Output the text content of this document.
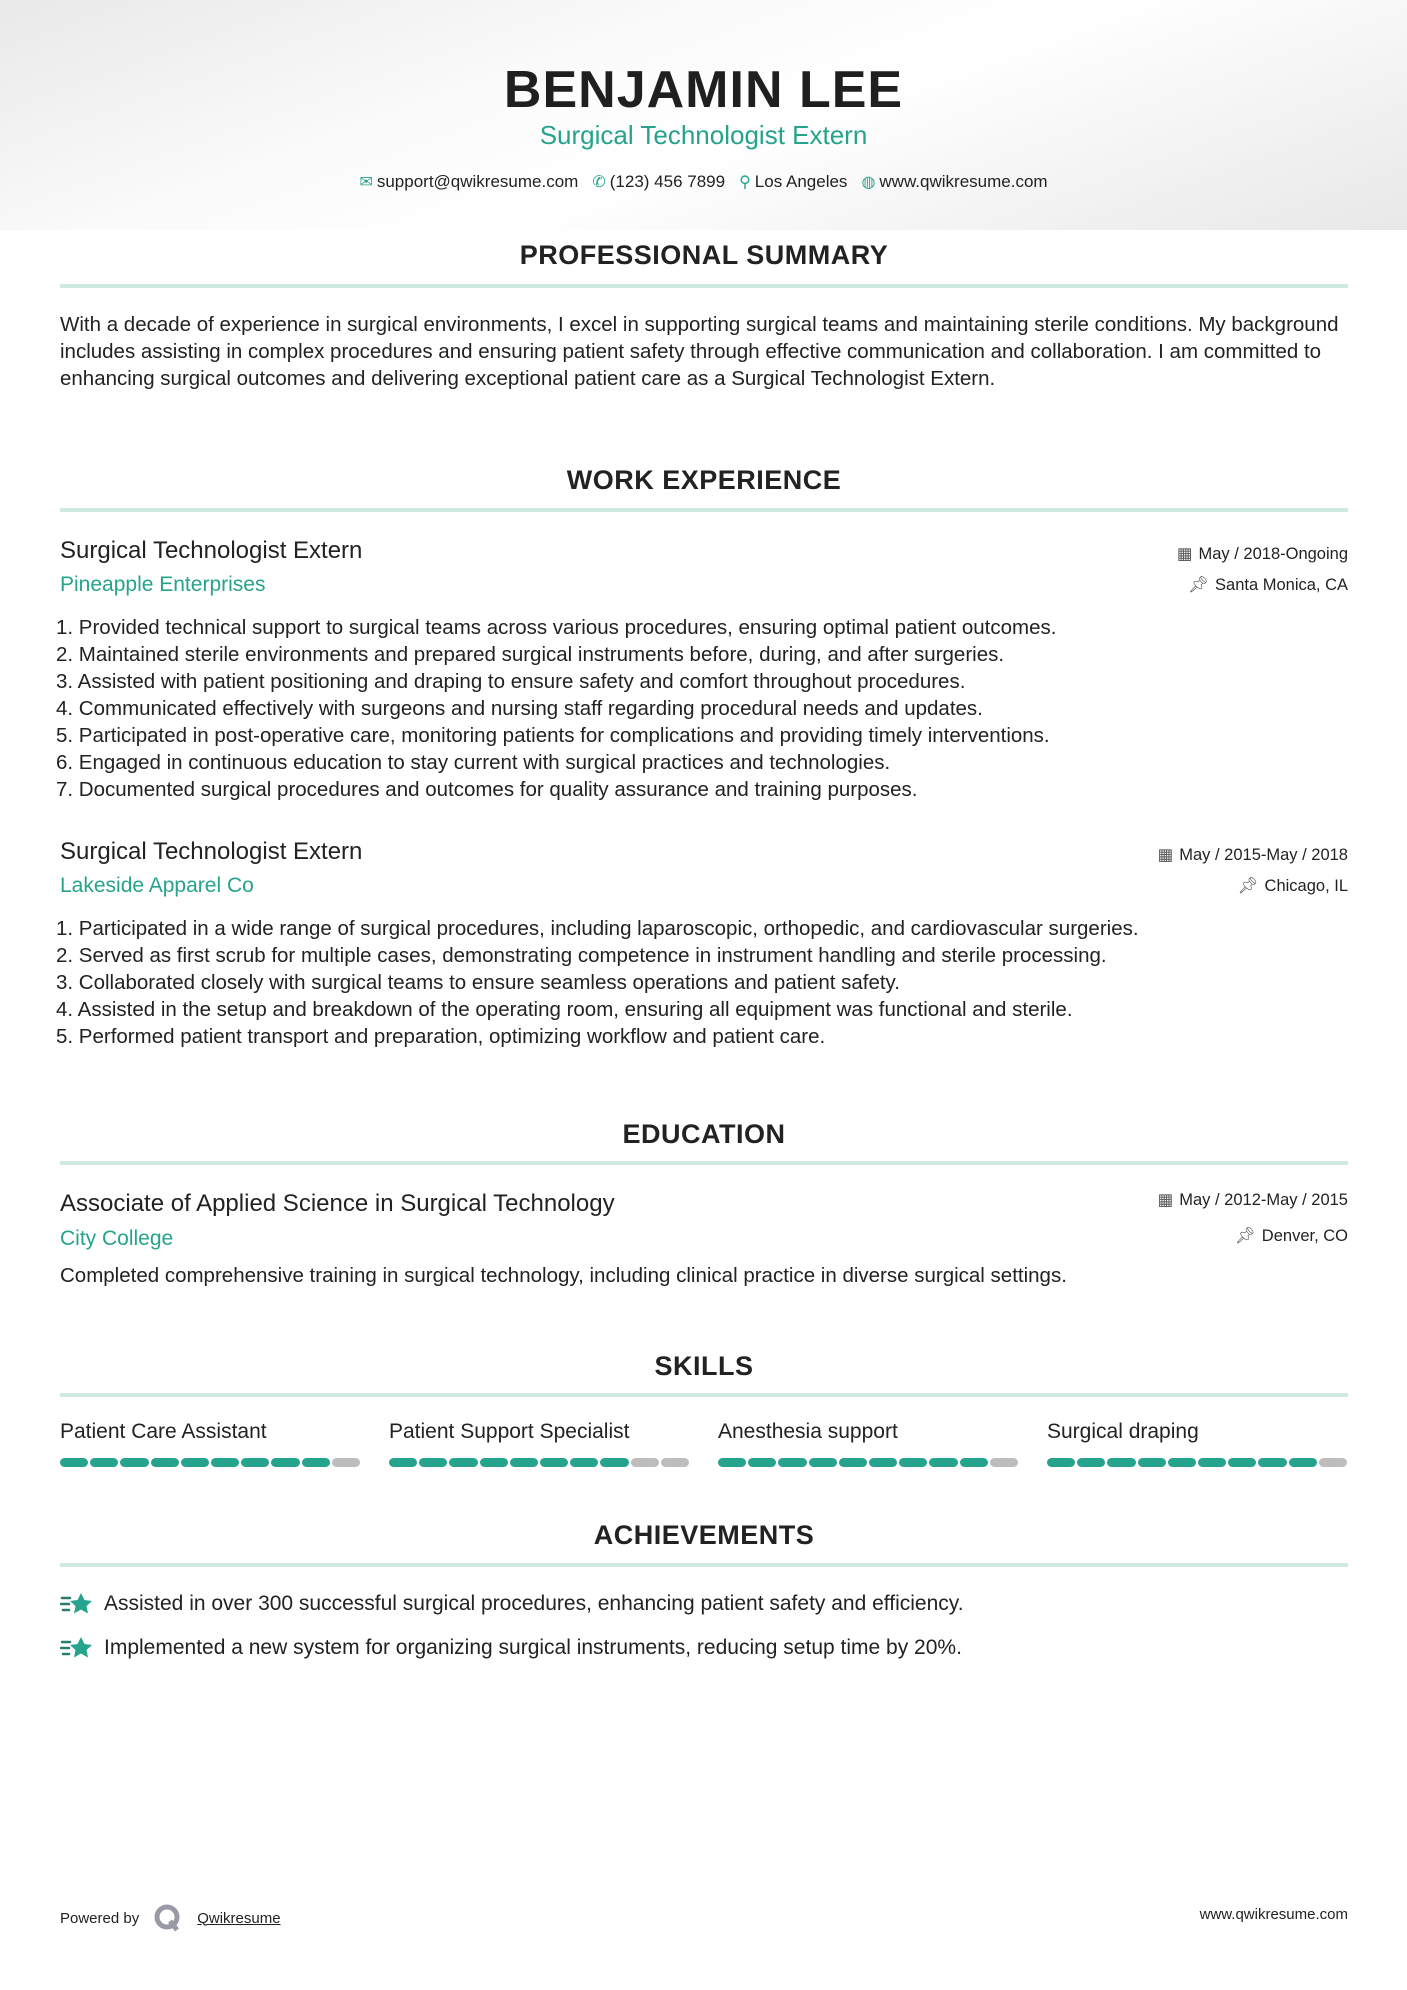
BENJAMIN LEE
Surgical Technologist Extern
✉ support@qwikresume.com ✆ (123) 456 7899 ⚲ Los Angeles ◍ www.qwikresume.com
PROFESSIONAL SUMMARY
With a decade of experience in surgical environments, I excel in supporting surgical teams and maintaining sterile conditions. My background includes assisting in complex procedures and ensuring patient safety through effective communication and collaboration. I am committed to enhancing surgical outcomes and delivering exceptional patient care as a Surgical Technologist Extern.
WORK EXPERIENCE
Surgical Technologist Extern
Pineapple Enterprises
▦ May / 2018-Ongoing
📌︎ Santa Monica, CA
1. Provided technical support to surgical teams across various procedures, ensuring optimal patient outcomes.
2. Maintained sterile environments and prepared surgical instruments before, during, and after surgeries.
3. Assisted with patient positioning and draping to ensure safety and comfort throughout procedures.
4. Communicated effectively with surgeons and nursing staff regarding procedural needs and updates.
5. Participated in post-operative care, monitoring patients for complications and providing timely interventions.
6. Engaged in continuous education to stay current with surgical practices and technologies.
7. Documented surgical procedures and outcomes for quality assurance and training purposes.
Surgical Technologist Extern
Lakeside Apparel Co
▦ May / 2015-May / 2018
📌︎ Chicago, IL
1. Participated in a wide range of surgical procedures, including laparoscopic, orthopedic, and cardiovascular surgeries.
2. Served as first scrub for multiple cases, demonstrating competence in instrument handling and sterile processing.
3. Collaborated closely with surgical teams to ensure seamless operations and patient safety.
4. Assisted in the setup and breakdown of the operating room, ensuring all equipment was functional and sterile.
5. Performed patient transport and preparation, optimizing workflow and patient care.
EDUCATION
Associate of Applied Science in Surgical Technology
City College
▦ May / 2012-May / 2015
📌︎ Denver, CO
Completed comprehensive training in surgical technology, including clinical practice in diverse surgical settings.
SKILLS
Patient Care Assistant	Patient Support Specialist	Anesthesia support	Surgical draping
ACHIEVEMENTS
Assisted in over 300 successful surgical procedures, enhancing patient safety and efficiency.
Implemented a new system for organizing surgical instruments, reducing setup time by 20%.
Powered by	Qwikresume	www.qwikresume.com
